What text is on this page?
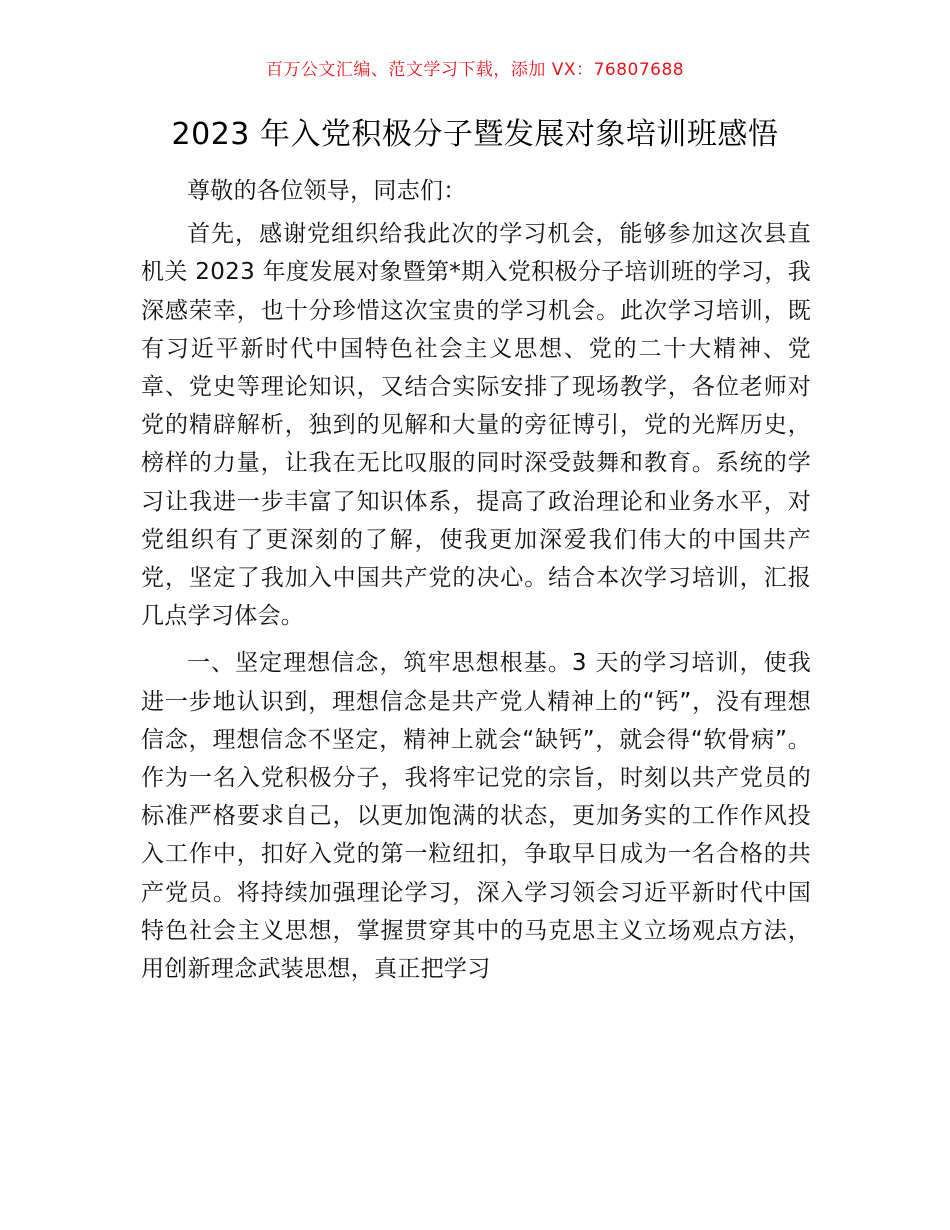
百万公文汇编、范文学习下载，添加 VX：76807688
2023 年入党积极分子暨发展对象培训班感悟

尊敬的各位领导，同志们：

首先，感谢党组织给我此次的学习机会，能够参加这次县直机关 2023 年度发展对象暨第*期入党积极分子培训班的学习，我深感荣幸，也十分珍惜这次宝贵的学习机会。此次学习培训，既有习近平新时代中国特色社会主义思想、党的二十大精神、党章、党史等理论知识，又结合实际安排了现场教学，各位老师对党的精辟解析，独到的见解和大量的旁征博引，党的光辉历史，榜样的力量，让我在无比叹服的同时深受鼓舞和教育。系统的学习让我进一步丰富了知识体系，提高了政治理论和业务水平，对党组织有了更深刻的了解，使我更加深爱我们伟大的中国共产党，坚定了我加入中国共产党的决心。结合本次学习培训，汇报几点学习体会。

一、坚定理想信念，筑牢思想根基。3 天的学习培训，使我进一步地认识到，理想信念是共产党人精神上的“钙”，没有理想信念，理想信念不坚定，精神上就会“缺钙”，就会得“软骨病”。作为一名入党积极分子，我将牢记党的宗旨，时刻以共产党员的标准严格要求自己，以更加饱满的状态，更加务实的工作作风投入工作中，扣好入党的第一粒纽扣，争取早日成为一名合格的共产党员。将持续加强理论学习，深入学习领会习近平新时代中国特色社会主义思想，掌握贯穿其中的马克思主义立场观点方法，用创新理念武装思想，真正把学习
